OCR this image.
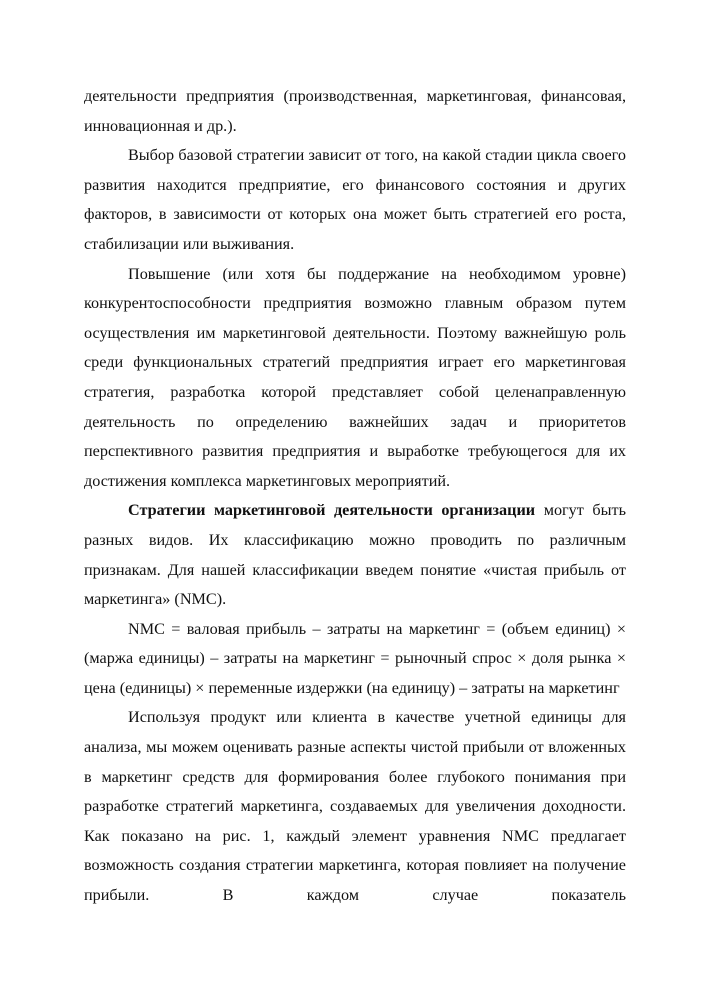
деятельности предприятия (производственная, маркетинговая, финансовая, инновационная и др.).

Выбор базовой стратегии зависит от того, на какой стадии цикла своего развития находится предприятие, его финансового состояния и других факторов, в зависимости от которых она может быть стратегией его роста, стабилизации или выживания.

Повышение (или хотя бы поддержание на необходимом уровне) конкурентоспособности предприятия возможно главным образом путем осуществления им маркетинговой деятельности. Поэтому важнейшую роль среди функциональных стратегий предприятия играет его маркетинговая стратегия, разработка которой представляет собой целенаправленную деятельность по определению важнейших задач и приоритетов перспективного развития предприятия и выработке требующегося для их достижения комплекса маркетинговых мероприятий.

Стратегии маркетинговой деятельности организации могут быть разных видов. Их классификацию можно проводить по различным признакам. Для нашей классификации введем понятие «чистая прибыль от маркетинга» (NMC).

NMC = валовая прибыль – затраты на маркетинг = (объем единиц) × (маржа единицы) – затраты на маркетинг = рыночный спрос × доля рынка × цена (единицы) × переменные издержки (на единицу) – затраты на маркетинг

Используя продукт или клиента в качестве учетной единицы для анализа, мы можем оценивать разные аспекты чистой прибыли от вложенных в маркетинг средств для формирования более глубокого понимания при разработке стратегий маркетинга, создаваемых для увеличения доходности. Как показано на рис. 1, каждый элемент уравнения NMC предлагает возможность создания стратегии маркетинга, которая повлияет на получение прибыли. В каждом случае показатель
